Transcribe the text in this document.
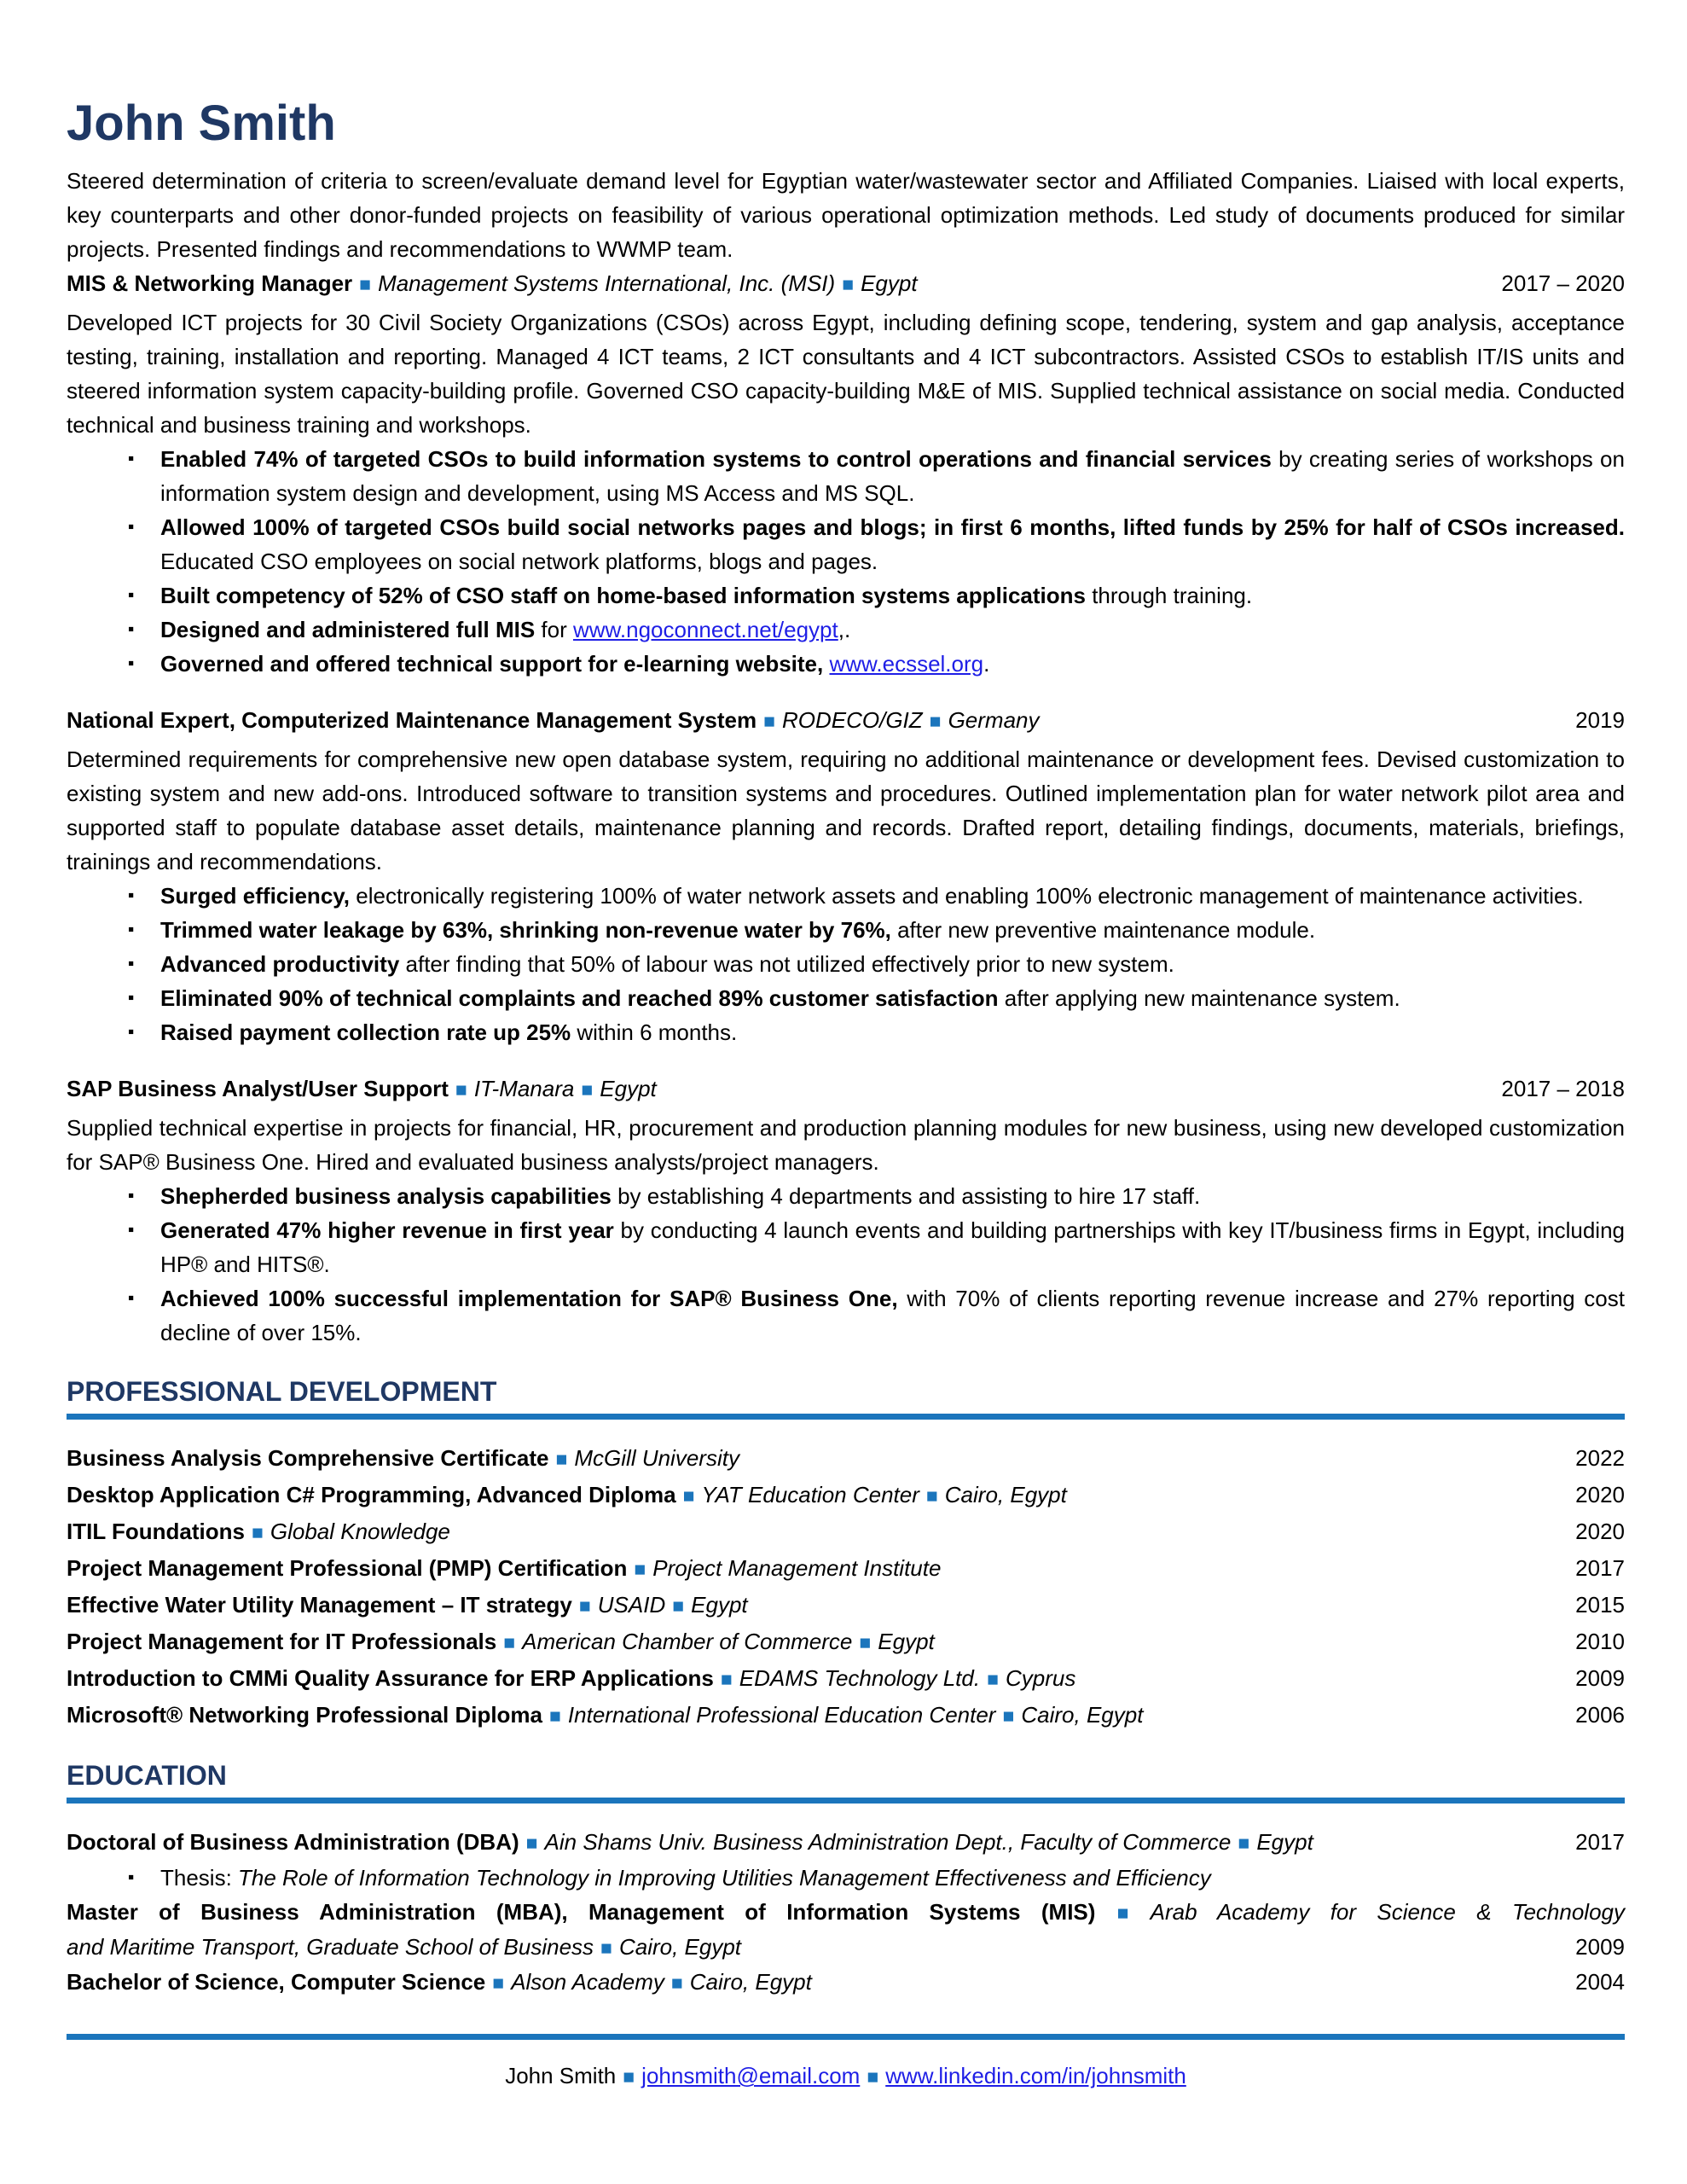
John Smith

Steered determination of criteria to screen/evaluate demand level for Egyptian water/wastewater sector and Affiliated Companies. Liaised with local experts, key counterparts and other donor-funded projects on feasibility of various operational optimization methods. Led study of documents produced for similar projects. Presented findings and recommendations to WWMP team.

MIS & Networking Manager ■ Management Systems International, Inc. (MSI) ■ Egypt	2017 – 2020

Developed ICT projects for 30 Civil Society Organizations (CSOs) across Egypt, including defining scope, tendering, system and gap analysis, acceptance testing, training, installation and reporting. Managed 4 ICT teams, 2 ICT consultants and 4 ICT subcontractors. Assisted CSOs to establish IT/IS units and steered information system capacity-building profile. Governed CSO capacity-building M&E of MIS. Supplied technical assistance on social media. Conducted technical and business training and workshops.

▪	Enabled 74% of targeted CSOs to build information systems to control operations and financial services by creating series of workshops on information system design and development, using MS Access and MS SQL.

▪	Allowed 100% of targeted CSOs build social networks pages and blogs; in first 6 months, lifted funds by 25% for half of CSOs increased. Educated CSO employees on social network platforms, blogs and pages.

▪	Built competency of 52% of CSO staff on home-based information systems applications through training.

▪	Designed and administered full MIS for www.ngoconnect.net/egypt,.

▪	Governed and offered technical support for e-learning website, www.ecssel.org.

National Expert, Computerized Maintenance Management System ■ RODECO/GIZ ■ Germany	2019

Determined requirements for comprehensive new open database system, requiring no additional maintenance or development fees. Devised customization to existing system and new add-ons. Introduced software to transition systems and procedures. Outlined implementation plan for water network pilot area and supported staff to populate database asset details, maintenance planning and records. Drafted report, detailing findings, documents, materials, briefings, trainings and recommendations.

▪	Surged efficiency, electronically registering 100% of water network assets and enabling 100% electronic management of maintenance activities.

▪	Trimmed water leakage by 63%, shrinking non-revenue water by 76%, after new preventive maintenance module.

▪	Advanced productivity after finding that 50% of labour was not utilized effectively prior to new system.

▪	Eliminated 90% of technical complaints and reached 89% customer satisfaction after applying new maintenance system.

▪	Raised payment collection rate up 25% within 6 months.

SAP Business Analyst/User Support ■ IT-Manara ■ Egypt	2017 – 2018

Supplied technical expertise in projects for financial, HR, procurement and production planning modules for new business, using new developed customization for SAP® Business One. Hired and evaluated business analysts/project managers.

▪	Shepherded business analysis capabilities by establishing 4 departments and assisting to hire 17 staff.

▪	Generated 47% higher revenue in first year by conducting 4 launch events and building partnerships with key IT/business firms in Egypt, including HP® and HITS®.

▪	Achieved 100% successful implementation for SAP® Business One, with 70% of clients reporting revenue increase and 27% reporting cost decline of over 15%.

PROFESSIONAL DEVELOPMENT

Business Analysis Comprehensive Certificate ■ McGill University	2022

Desktop Application C# Programming, Advanced Diploma ■ YAT Education Center ■ Cairo, Egypt	2020

ITIL Foundations ■ Global Knowledge	2020

Project Management Professional (PMP) Certification ■ Project Management Institute	2017

Effective Water Utility Management – IT strategy ■ USAID ■ Egypt	2015

Project Management for IT Professionals ■ American Chamber of Commerce ■ Egypt	2010

Introduction to CMMi Quality Assurance for ERP Applications ■ EDAMS Technology Ltd. ■ Cyprus	2009

Microsoft® Networking Professional Diploma ■ International Professional Education Center ■ Cairo, Egypt	2006
EDUCATION

Doctoral of Business Administration (DBA) ■ Ain Shams Univ. Business Administration Dept., Faculty of Commerce ■ Egypt	2017
▪	Thesis: The Role of Information Technology in Improving Utilities Management Effectiveness and Efficiency

Master of Business Administration (MBA), Management of Information Systems (MIS) ■ Arab Academy for Science & Technology

and Maritime Transport, Graduate School of Business ■ Cairo, Egypt	2009

Bachelor of Science, Computer Science ■ Alson Academy ■ Cairo, Egypt	2004
John Smith ■ johnsmith@email.com ■ www.linkedin.com/in/johnsmith
